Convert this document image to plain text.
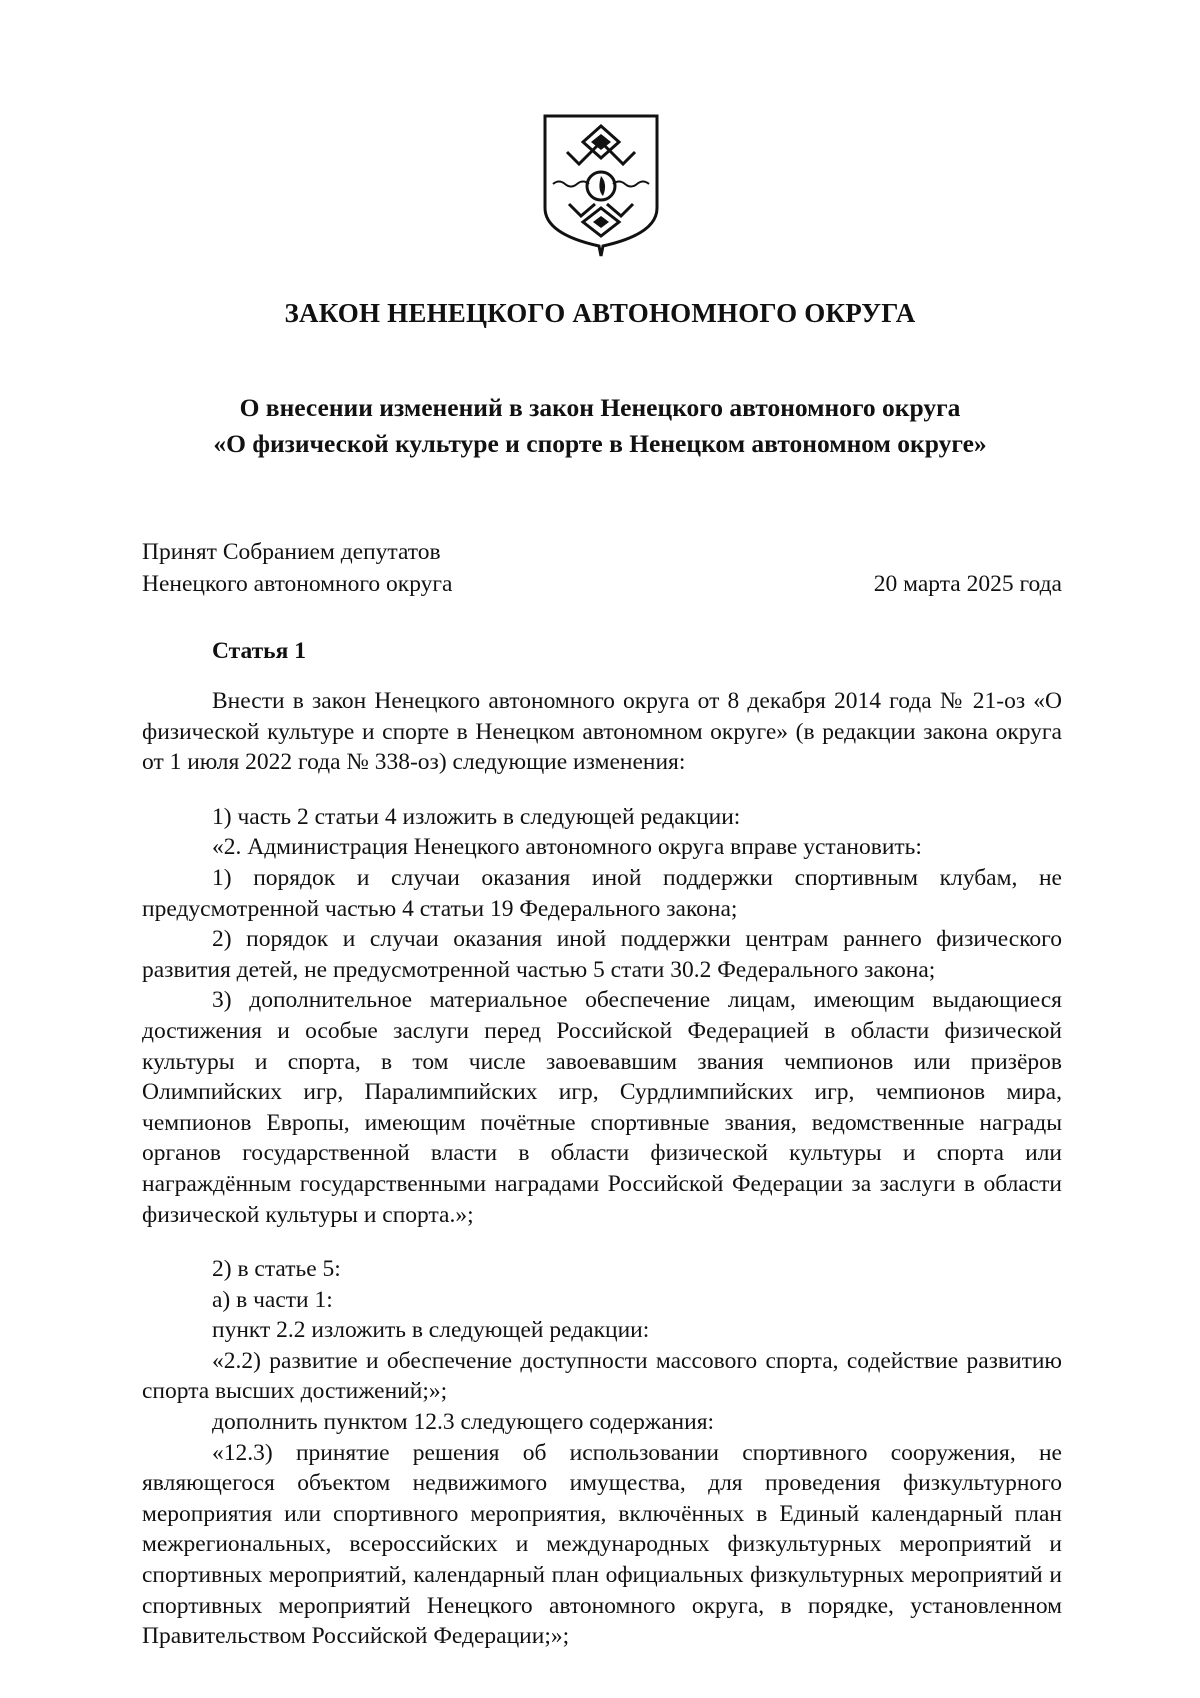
ЗАКОН НЕНЕЦКОГО АВТОНОМНОГО ОКРУГА
О внесении изменений в закон Ненецкого автономного округа
«О физической культуре и спорте в Ненецком автономном округе»
Принят Собранием депутатов
Ненецкого автономного округа	20 марта 2025 года
Статья 1

Внести в закон Ненецкого автономного округа от 8 декабря 2014 года № 21-оз «О физической культуре и спорте в Ненецком автономном округе» (в редакции закона округа от 1 июля 2022 года № 338-оз) следующие изменения:

1) часть 2 статьи 4 изложить в следующей редакции:

«2. Администрация Ненецкого автономного округа вправе установить:

1) порядок и случаи оказания иной поддержки спортивным клубам, не предусмотренной частью 4 статьи 19 Федерального закона;

2) порядок и случаи оказания иной поддержки центрам раннего физического развития детей, не предусмотренной частью 5 стати 30.2 Федерального закона;

3) дополнительное материальное обеспечение лицам, имеющим выдающиеся достижения и особые заслуги перед Российской Федерацией в области физической культуры и спорта, в том числе завоевавшим звания чемпионов или призёров Олимпийских игр, Паралимпийских игр, Сурдлимпийских игр, чемпионов мира, чемпионов Европы, имеющим почётные спортивные звания, ведомственные награды органов государственной власти в области физической культуры и спорта или награждённым государственными наградами Российской Федерации за заслуги в области физической культуры и спорта.»;

2) в статье 5:

а) в части 1:

пункт 2.2 изложить в следующей редакции:

«2.2) развитие и обеспечение доступности массового спорта, содействие развитию спорта высших достижений;»;

дополнить пунктом 12.3 следующего содержания:

«12.3) принятие решения об использовании спортивного сооружения, не являющегося объектом недвижимого имущества, для проведения физкультурного мероприятия или спортивного мероприятия, включённых в Единый календарный план межрегиональных, всероссийских и международных физкультурных мероприятий и спортивных мероприятий, календарный план официальных физкультурных мероприятий и спортивных мероприятий Ненецкого автономного округа, в порядке, установленном Правительством Российской Федерации;»;
